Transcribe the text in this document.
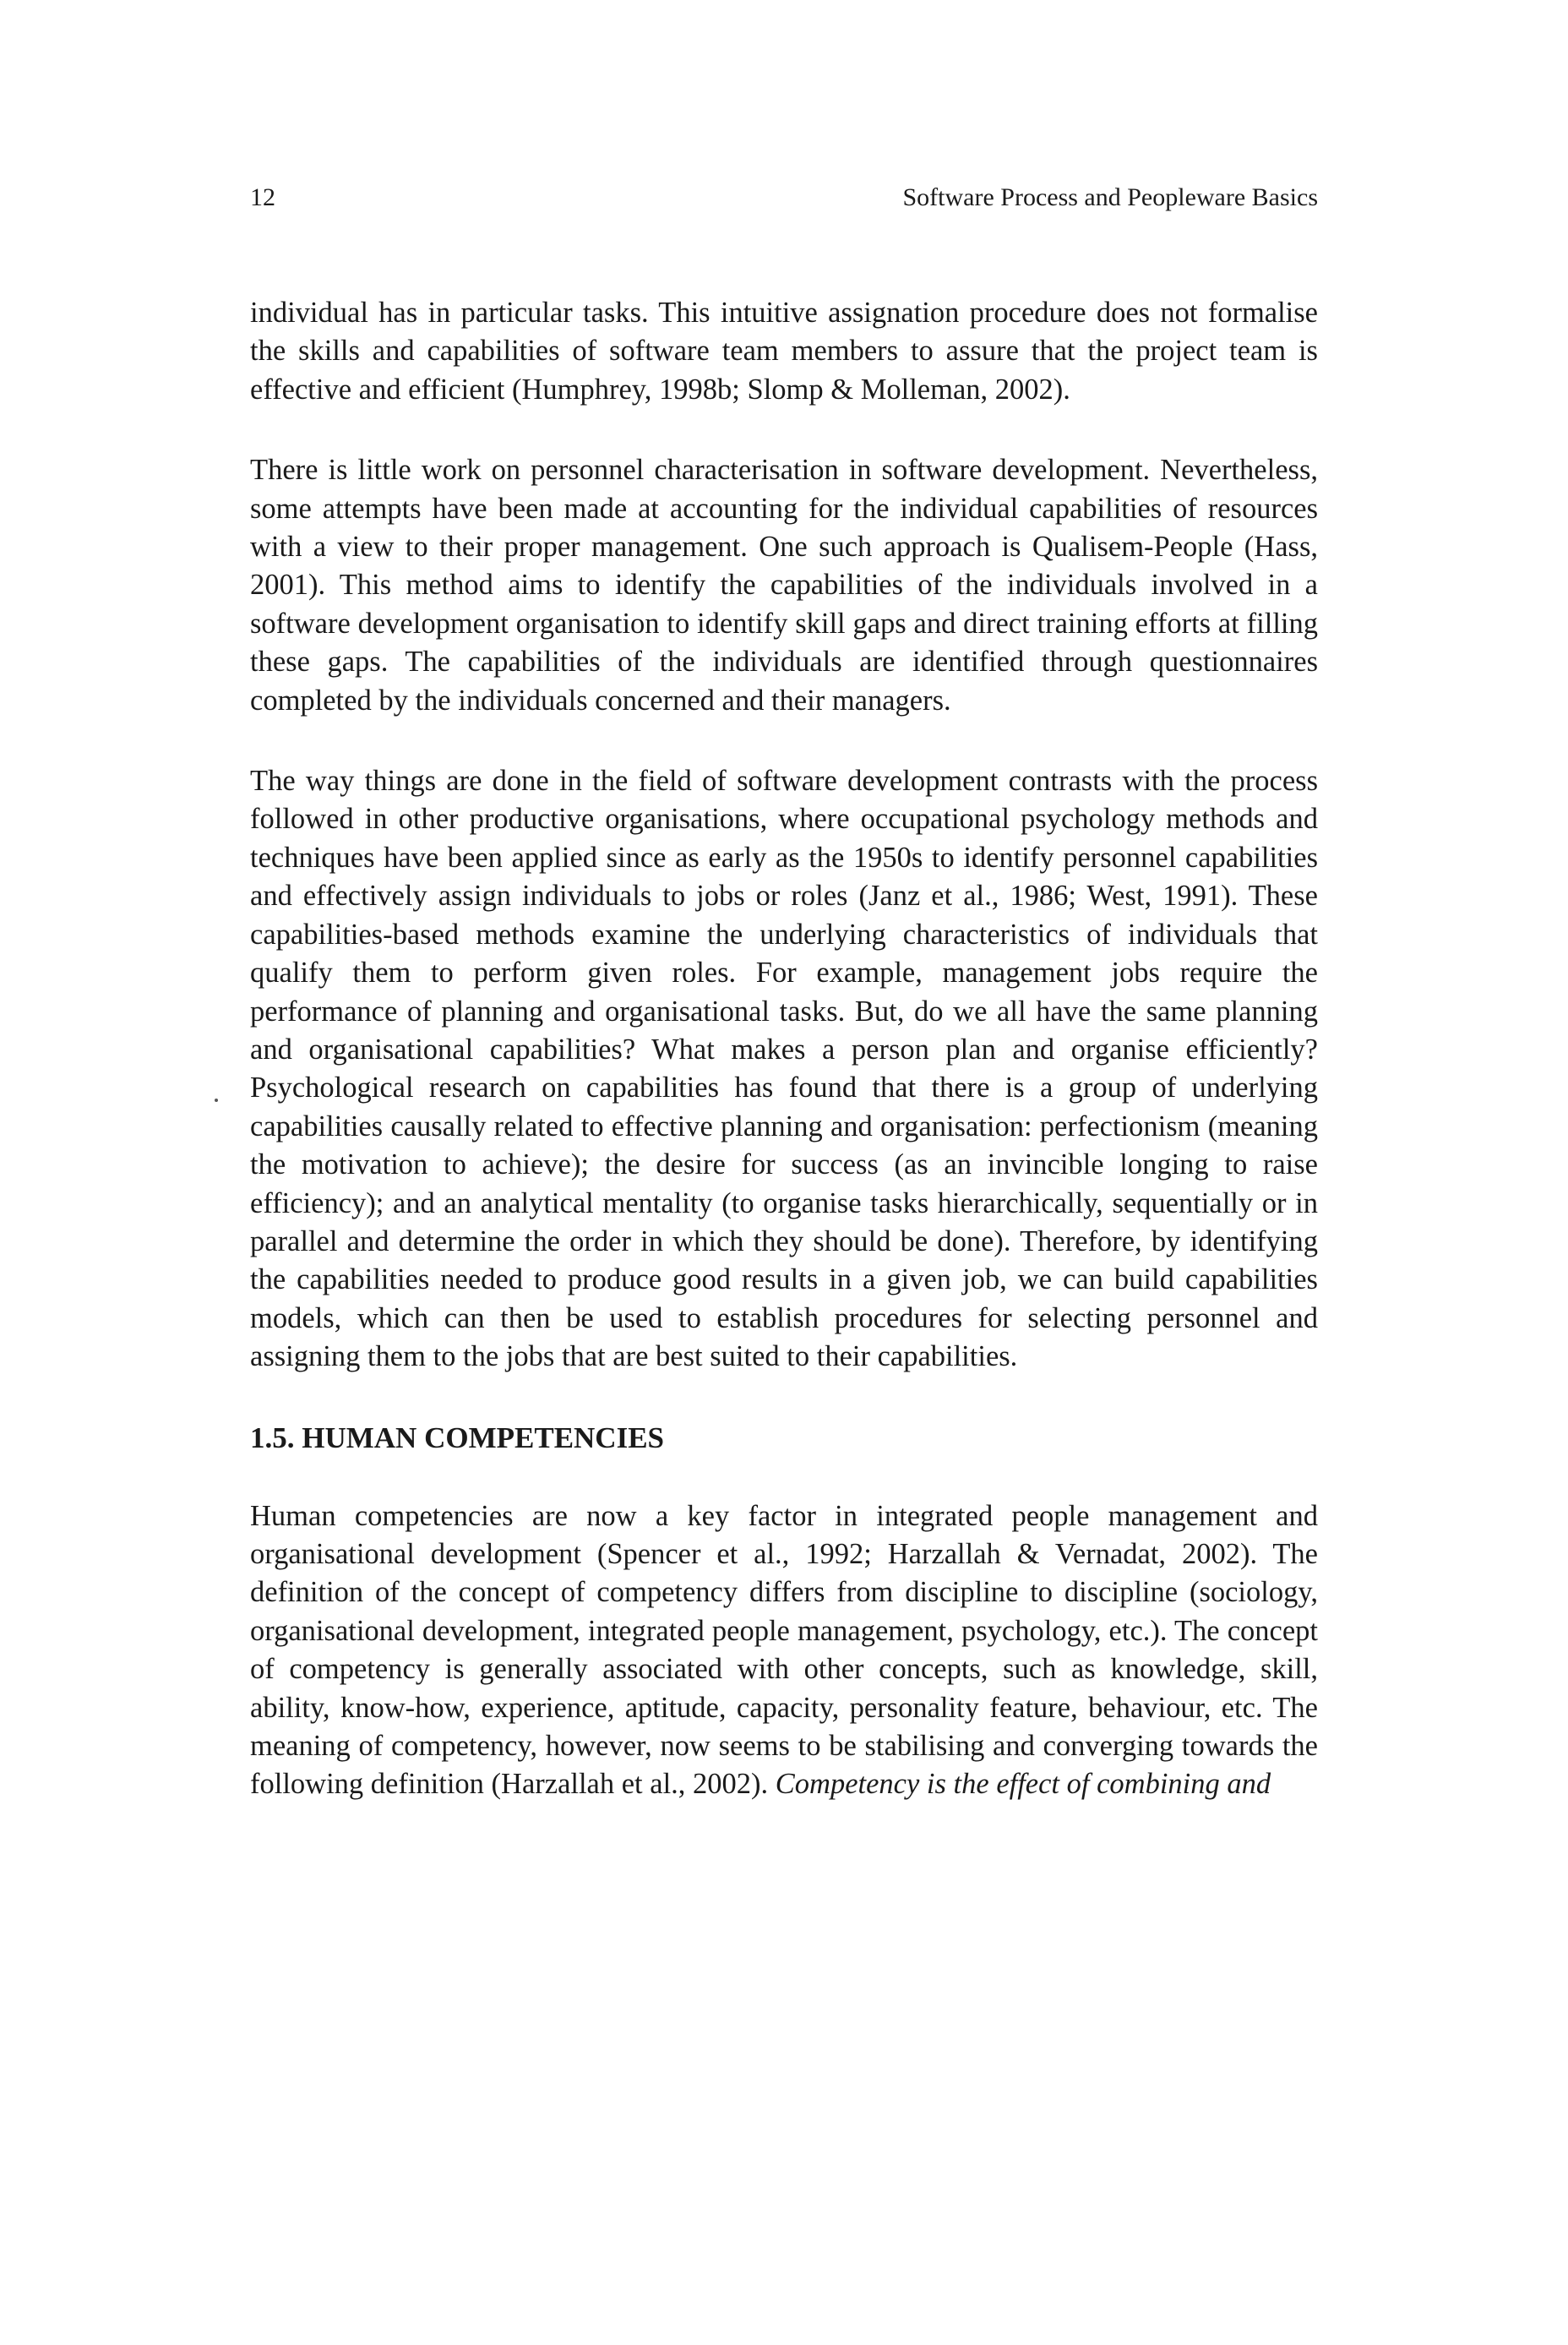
12	Software Process and Peopleware Basics

individual has in particular tasks. This intuitive assignation procedure does not formalise the skills and capabilities of software team members to assure that the project team is effective and efficient (Humphrey, 1998b; Slomp & Molleman, 2002).

There is little work on personnel characterisation in software development. Nevertheless, some attempts have been made at accounting for the individual capabilities of resources with a view to their proper management. One such approach is Qualisem-People (Hass, 2001). This method aims to identify the capabilities of the individuals involved in a software development organisation to identify skill gaps and direct training efforts at filling these gaps. The capabilities of the individuals are identified through questionnaires completed by the individuals concerned and their managers.

The way things are done in the field of software development contrasts with the process followed in other productive organisations, where occupational psychology methods and techniques have been applied since as early as the 1950s to identify personnel capabilities and effectively assign individuals to jobs or roles (Janz et al., 1986; West, 1991). These capabilities-based methods examine the underlying characteristics of individuals that qualify them to perform given roles. For example, management jobs require the performance of planning and organisational tasks. But, do we all have the same planning and organisational capabilities? What makes a person plan and organise efficiently? Psychological research on capabilities has found that there is a group of underlying capabilities causally related to effective planning and organisation: perfectionism (meaning the motivation to achieve); the desire for success (as an invincible longing to raise efficiency); and an analytical mentality (to organise tasks hierarchically, sequentially or in parallel and determine the order in which they should be done). Therefore, by identifying the capabilities needed to produce good results in a given job, we can build capabilities models, which can then be used to establish procedures for selecting personnel and assigning them to the jobs that are best suited to their capabilities.

1.5. HUMAN COMPETENCIES

Human competencies are now a key factor in integrated people management and organisational development (Spencer et al., 1992; Harzallah & Vernadat, 2002). The definition of the concept of competency differs from discipline to discipline (sociology, organisational development, integrated people management, psychology, etc.). The concept of competency is generally associated with other concepts, such as knowledge, skill, ability, know-how, experience, aptitude, capacity, personality feature, behaviour, etc. The meaning of competency, however, now seems to be stabilising and converging towards the following definition (Harzallah et al., 2002). Competency is the effect of combining and
